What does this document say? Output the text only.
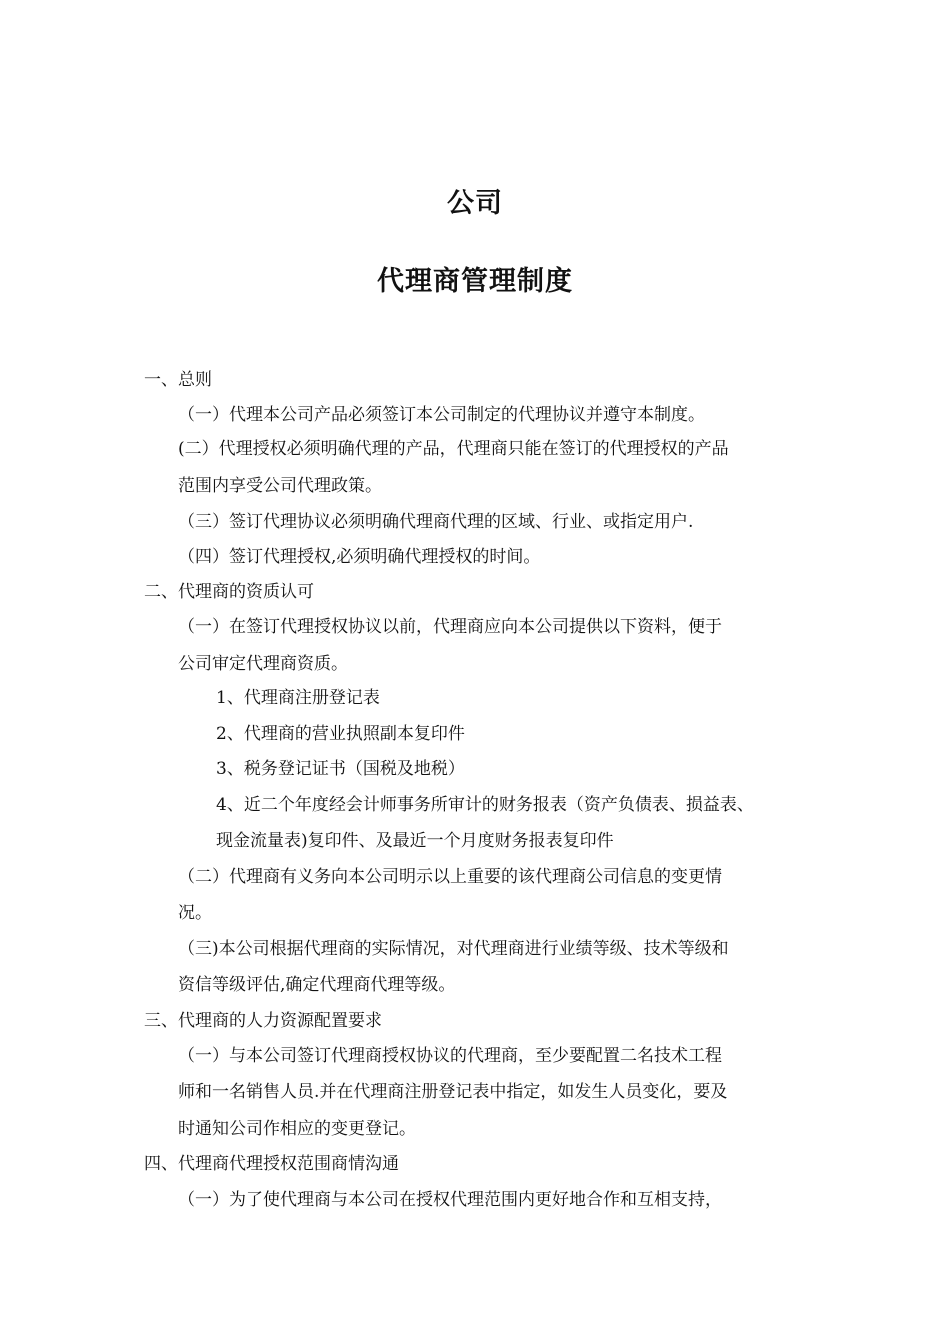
公司
代理商管理制度
一、总则
（一）代理本公司产品必须签订本公司制定的代理协议并遵守本制度。
(二）代理授权必须明确代理的产品，代理商只能在签订的代理授权的产品
范围内享受公司代理政策。
（三）签订代理协议必须明确代理商代理的区域、行业、或指定用户.
（四）签订代理授权,必须明确代理授权的时间。
二、代理商的资质认可
（一）在签订代理授权协议以前，代理商应向本公司提供以下资料，便于
公司审定代理商资质。
1、代理商注册登记表
2、代理商的营业执照副本复印件
3、税务登记证书（国税及地税）
4、近二个年度经会计师事务所审计的财务报表（资产负债表、损益表、
现金流量表)复印件、及最近一个月度财务报表复印件
（二）代理商有义务向本公司明示以上重要的该代理商公司信息的变更情
况。
（三)本公司根据代理商的实际情况，对代理商进行业绩等级、技术等级和
资信等级评估,确定代理商代理等级。
三、代理商的人力资源配置要求
（一）与本公司签订代理商授权协议的代理商，至少要配置二名技术工程
师和一名销售人员.并在代理商注册登记表中指定，如发生人员变化，要及
时通知公司作相应的变更登记。
四、代理商代理授权范围商情沟通
（一）为了使代理商与本公司在授权代理范围内更好地合作和互相支持，
